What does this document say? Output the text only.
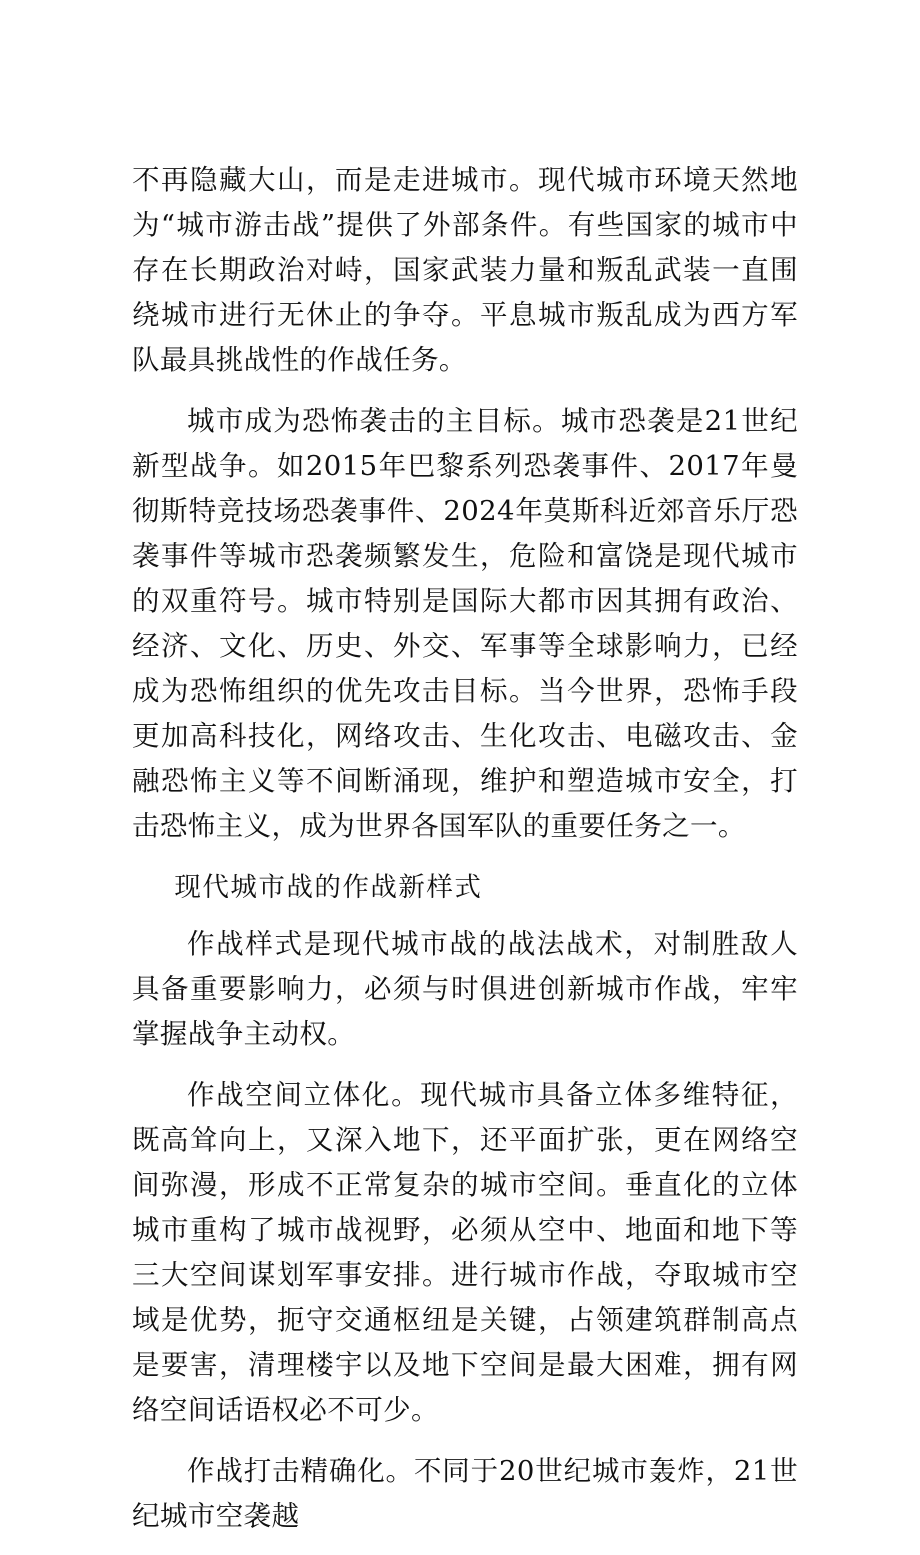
不再隐藏大山，而是走进城市。现代城市环境天然地为“城市游击战”提供了外部条件。有些国家的城市中存在长期政治对峙，国家武装力量和叛乱武装一直围绕城市进行无休止的争夺。平息城市叛乱成为西方军队最具挑战性的作战任务。

城市成为恐怖袭击的主目标。城市恐袭是21世纪新型战争。如2015年巴黎系列恐袭事件、2017年曼彻斯特竞技场恐袭事件、2024年莫斯科近郊音乐厅恐袭事件等城市恐袭频繁发生，危险和富饶是现代城市的双重符号。城市特别是国际大都市因其拥有政治、经济、文化、历史、外交、军事等全球影响力，已经成为恐怖组织的优先攻击目标。当今世界，恐怖手段更加高科技化，网络攻击、生化攻击、电磁攻击、金融恐怖主义等不间断涌现，维护和塑造城市安全，打击恐怖主义，成为世界各国军队的重要任务之一。

现代城市战的作战新样式

作战样式是现代城市战的战法战术，对制胜敌人具备重要影响力，必须与时俱进创新城市作战，牢牢掌握战争主动权。

作战空间立体化。现代城市具备立体多维特征，既高耸向上，又深入地下，还平面扩张，更在网络空间弥漫，形成不正常复杂的城市空间。垂直化的立体城市重构了城市战视野，必须从空中、地面和地下等三大空间谋划军事安排。进行城市作战，夺取城市空域是优势，扼守交通枢纽是关键，占领建筑群制高点是要害，清理楼宇以及地下空间是最大困难，拥有网络空间话语权必不可少。

作战打击精确化。不同于20世纪城市轰炸，21世纪城市空袭越
